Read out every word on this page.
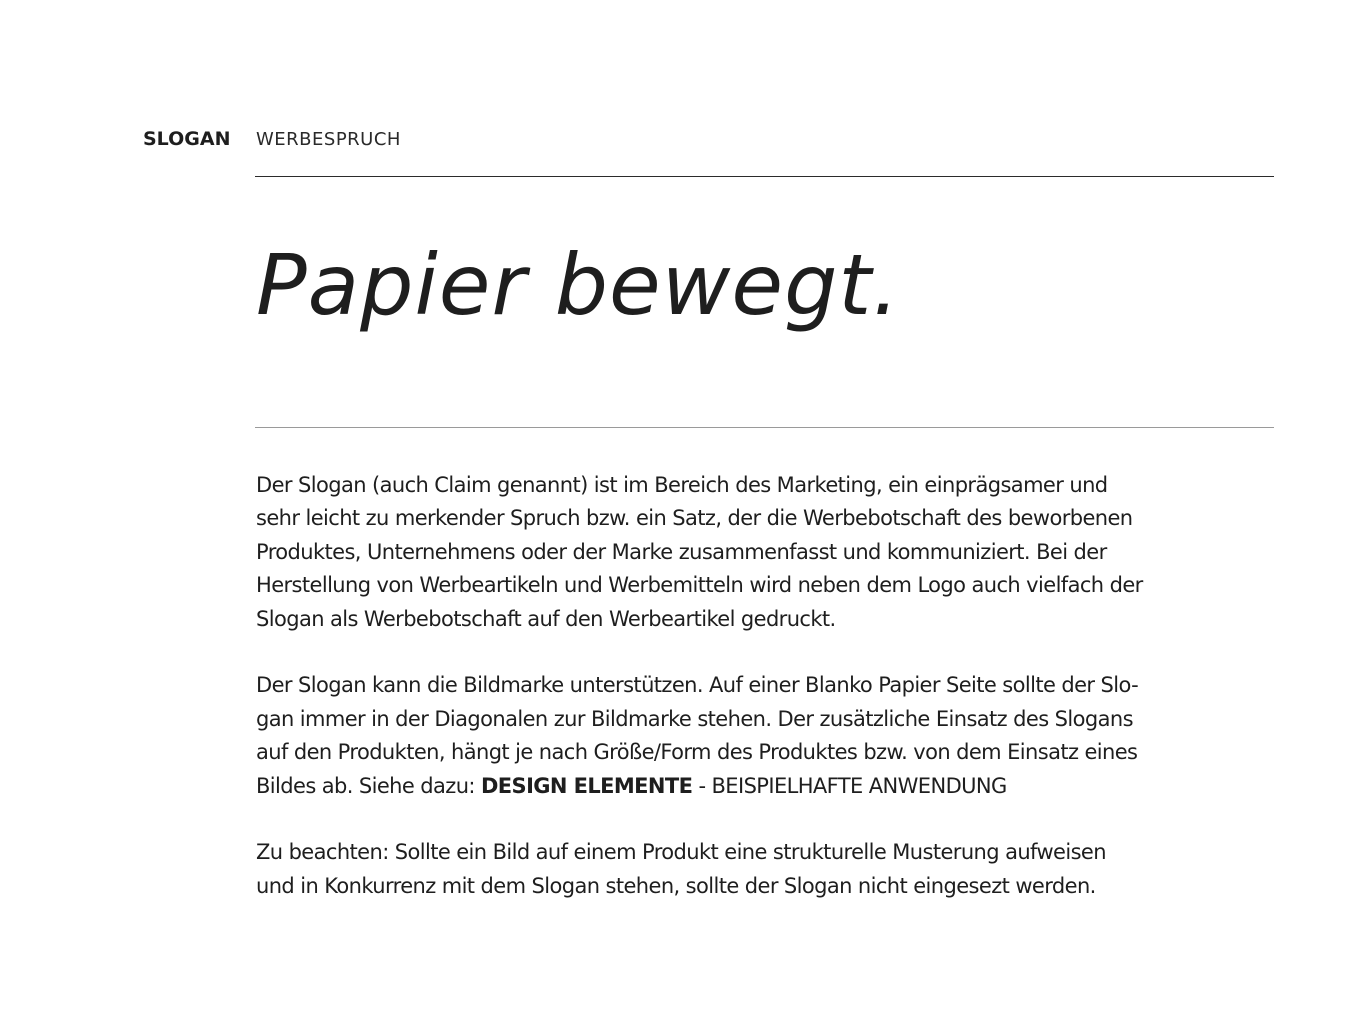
SLOGAN WERBESPRUCH
Papier bewegt.

Der Slogan (auch Claim genannt) ist im Bereich des Marketing, ein einprägsamer und
sehr leicht zu merkender Spruch bzw. ein Satz, der die Werbebotschaft des beworbenen
Produktes, Unternehmens oder der Marke zusammenfasst und kommuniziert. Bei der
Herstellung von Werbeartikeln und Werbemitteln wird neben dem Logo auch vielfach der
Slogan als Werbebotschaft auf den Werbeartikel gedruckt.

Der Slogan kann die Bildmarke unterstützen. Auf einer Blanko Papier Seite sollte der Slo-
gan immer in der Diagonalen zur Bildmarke stehen. Der zusätzliche Einsatz des Slogans
auf den Produkten, hängt je nach Größe/Form des Produktes bzw. von dem Einsatz eines
Bildes ab. Siehe dazu: DESIGN ELEMENTE - BEISPIELHAFTE ANWENDUNG

Zu beachten: Sollte ein Bild auf einem Produkt eine strukturelle Musterung aufweisen
und in Konkurrenz mit dem Slogan stehen, sollte der Slogan nicht eingesezt werden.
